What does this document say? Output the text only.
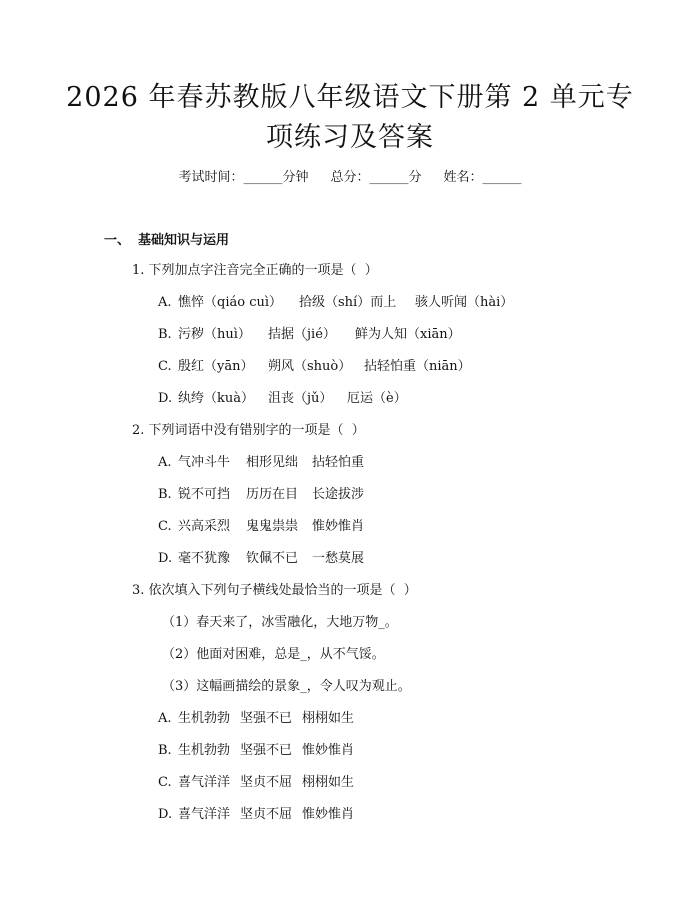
2026 年春苏教版八年级语文下册第 2 单元专
项练习及答案
考试时间：______分钟 总分：______分 姓名：______
一、 基础知识与运用
1. 下列加点字注音完全正确的一项是（  ）
A. 憔悴（qiáo cuì） 拾级（shí）而上 骇人听闻（hài）
B. 污秽（huì） 拮据（jié） 鲜为人知（xiān）
C. 殷红（yān） 朔风（shuò） 拈轻怕重（niān）
D. 纨绔（kuà） 沮丧（jǔ） 厄运（è）
2. 下列词语中没有错别字的一项是（  ）
A. 气冲斗牛 相形见绌 拈轻怕重
B. 锐不可挡 历历在目 长途拔涉
C. 兴高采烈 鬼鬼祟祟 惟妙惟肖
D. 毫不犹豫 钦佩不已 一愁莫展
3. 依次填入下列句子横线处最恰当的一项是（  ）
（1）春天来了，冰雪融化，大地万物_。
（2）他面对困难，总是_，从不气馁。
（3）这幅画描绘的景象_，令人叹为观止。
A. 生机勃勃 坚强不已 栩栩如生
B. 生机勃勃 坚强不已 惟妙惟肖
C. 喜气洋洋 坚贞不屈 栩栩如生
D. 喜气洋洋 坚贞不屈 惟妙惟肖
